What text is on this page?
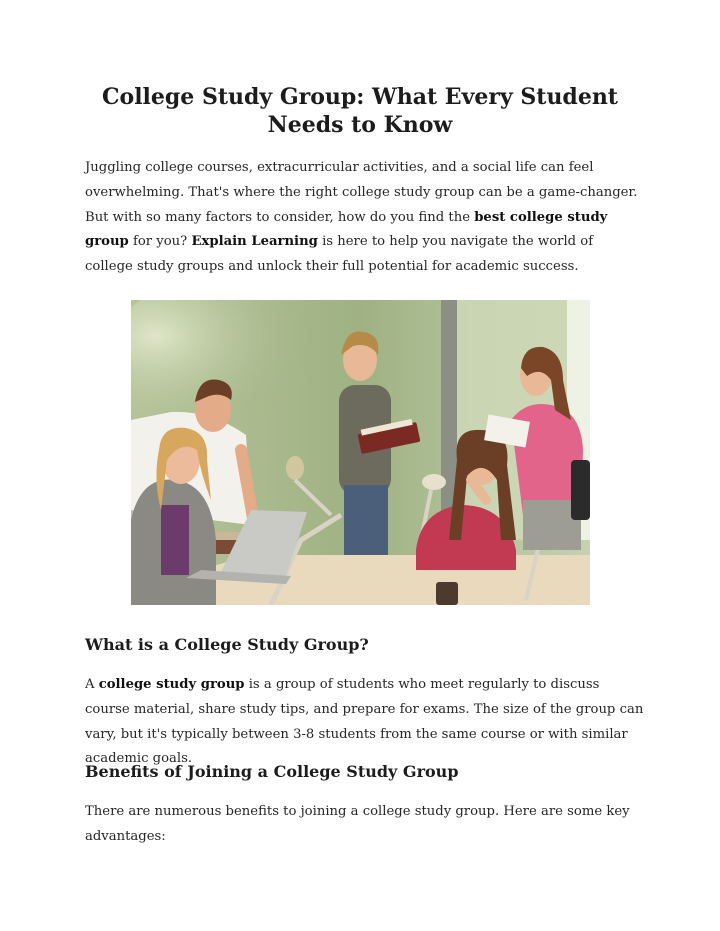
College Study Group: What Every Student Needs to Know

Juggling college courses, extracurricular activities, and a social life can feel overwhelming. That's where the right college study group can be a game-changer. But with so many factors to consider, how do you find the best college study group for you? Explain Learning is here to help you navigate the world of college study groups and unlock their full potential for academic success.

What is a College Study Group?

A college study group is a group of students who meet regularly to discuss course material, share study tips, and prepare for exams. The size of the group can vary, but it's typically between 3-8 students from the same course or with similar academic goals.

Benefits of Joining a College Study Group

There are numerous benefits to joining a college study group. Here are some key advantages:
